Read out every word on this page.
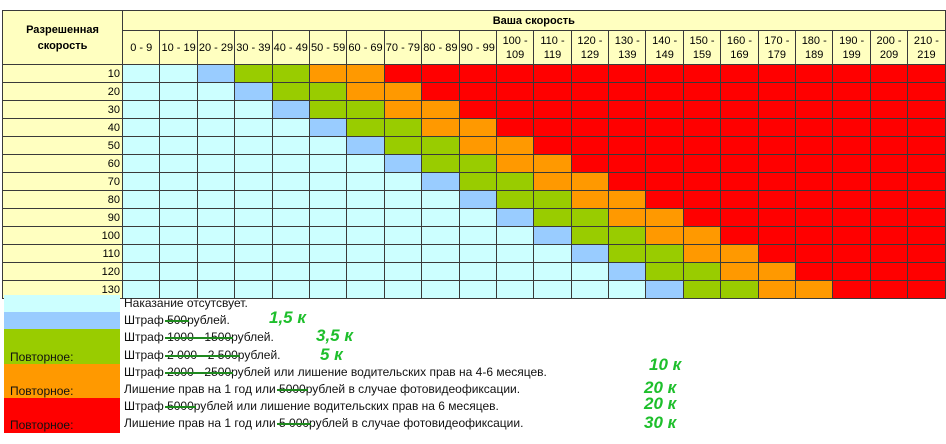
Разрешенная скорость	Ваша скорость																					
	0 - 9	10 - 19	20 - 29	30 - 39	40 - 49	50 - 59	60 - 69	70 - 79	80 - 89	90 - 99	100 - 109	110 - 119	120 - 129	130 - 139	140 - 149	150 - 159	160 - 169	170 - 179	180 - 189	190 - 199	200 - 209	210 - 219
10																						
20																						
30																						
40																						
50																						
60																						
70																						
80																						
90																						
100																						
110																						
120																						
130																						
Наказание отсутсвует.
Штраф 500рублей. 1,5 к
Штраф 1000 - 1500рублей. 3,5 к
Повторное:	Штраф 2 000 - 2 500рублей. 5 к
Штраф 2000 - 2500рублей или лишение водительских прав на 4-6 месяцев.	10 к
Повторное:	Лишение прав на 1 год или 5000рублей в случае фотовидеофиксации.	20 к
Штраф 5000рублей или лишение водительских прав на 6 месяцев.	20 к
Повторное:	Лишение прав на 1 год или 5 000рублей в случае фотовидеофиксации.	30 к
